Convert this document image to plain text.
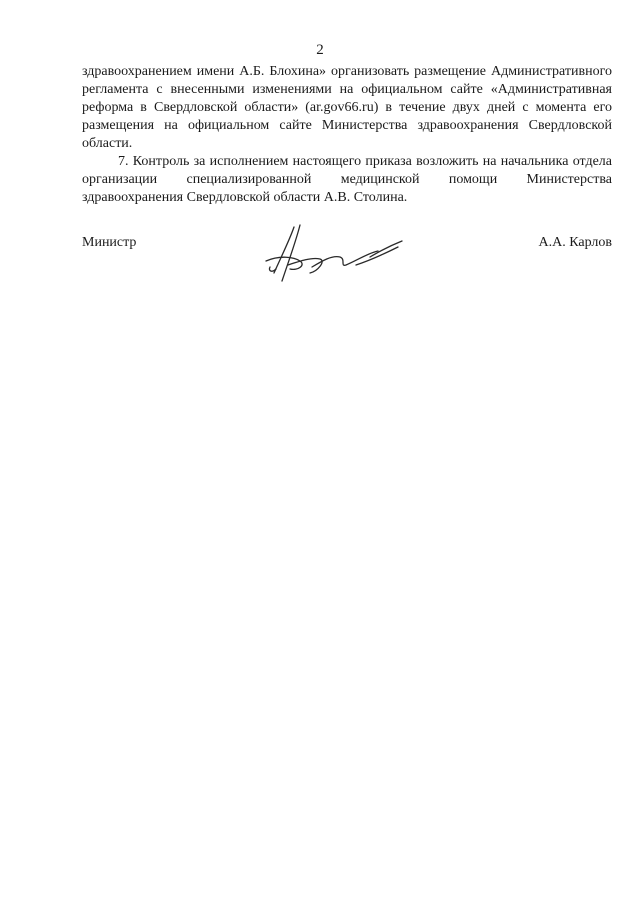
2

здравоохранением имени А.Б. Блохина» организовать размещение Административного регламента с внесенными изменениями на официальном сайте «Административная реформа в Свердловской области» (ar.gov66.ru) в течение двух дней с момента его размещения на официальном сайте Министерства здравоохранения Свердловской области.

7. Контроль за исполнением настоящего приказа возложить на начальника отдела организации специализированной медицинской помощи Министерства здравоохранения Свердловской области А.В. Столина.

Министр	А.А. Карлов
